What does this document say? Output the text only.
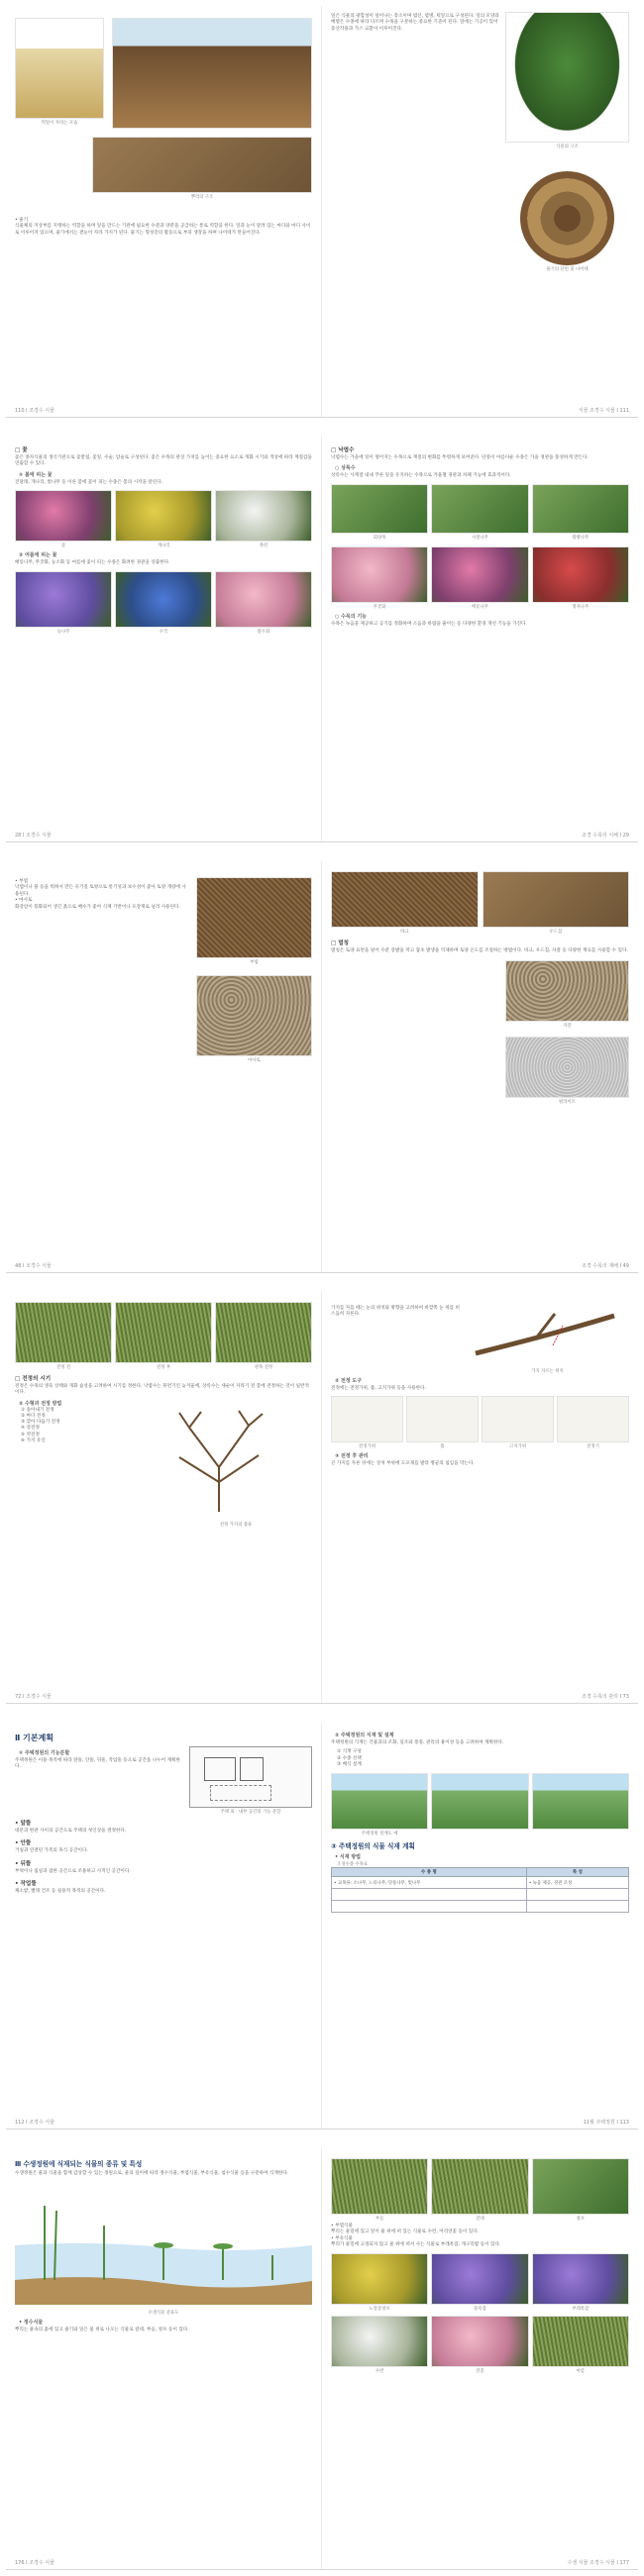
떡잎이 자라는 모습
뿌리의 구조
• 줄기
식물체의 지상부를 지탱하는 역할을 하며 잎을 만드는 기관에 필요한 수분과 양분을 공급하는 통로 역할을 한다. 잎과 눈이 달려 있는 마디와 마디 사이로 이루어져 있으며, 줄기에서는 곁눈이 자라 가지가 된다. 줄기는 형성층의 활동으로 부피 생장을 하며 나이테가 만들어진다.
110 Ⅰ 조경수 식물
잎은 식물의 광합성이 일어나는 장소이며 엽신, 엽병, 턱잎으로 구성된다. 잎의 모양과 배열은 수종에 따라 다르며 수목을 구분하는 중요한 기준이 된다. 잎에는 기공이 있어 증산작용과 가스 교환이 이루어진다.
식물의 구조
줄기의 단면 및 나이테
식물 조경수 식물 Ⅰ 111
□ 꽃
꽃은 종자식물의 생식기관으로 꽃받침, 꽃잎, 수술, 암술로 구성된다. 꽃은 수목의 관상 가치를 높이는 중요한 요소로 개화 시기와 색상에 따라 계절감을 연출할 수 있다.
① 봄에 피는 꽃
진달래, 개나리, 벚나무 등 이른 봄에 꽃이 피는 수종은 봄의 시작을 알린다.
꽃	개나리	목련
② 여름에 피는 꽃
배롱나무, 무궁화, 능소화 등 여름에 꽃이 피는 수종은 화려한 경관을 연출한다.
등나무	수국	불두화
28 Ⅰ 조경수 식물
□ 낙엽수
낙엽수는 가을에 잎이 떨어지는 수목으로 계절의 변화를 뚜렷하게 보여준다. 단풍이 아름다운 수종은 가을 경관을 풍성하게 만든다.
○ 상록수
상록수는 사계절 내내 푸른 잎을 유지하는 수목으로 겨울철 경관과 차폐 기능에 효과적이다.
회양목	사철나무	꽝꽝나무
무궁화	배롱나무	명자나무
○ 수목의 기능
수목은 녹음을 제공하고 공기를 정화하며 소음과 바람을 줄이는 등 다양한 환경 개선 기능을 가진다.
조경 수목의 이해 Ⅰ 29
• 부엽
낙엽이나 풀 등을 썩혀서 만든 유기질 토양으로 통기성과 보수성이 좋아 토양 개량에 사용된다.
• 마사토
화강암이 풍화되어 생긴 흙으로 배수가 좋아 식재 기반이나 포장재로 널리 사용된다.
부엽
마사토
48 Ⅰ 조경수 식물
바크	우드칩
□ 멀칭
멀칭은 토양 표면을 덮어 수분 증발을 막고 잡초 발생을 억제하며 토양 온도를 조절하는 방법이다. 바크, 우드칩, 자갈 등 다양한 재료를 사용할 수 있다.
자갈
펄라이트
조경 수목의 재배 Ⅰ 49
전정 전	전정 후	관목 전정
□ 전정의 시기
전정은 수목의 생육 상태와 개화 습성을 고려하여 시기를 정한다. 낙엽수는 휴면기인 늦겨울에, 상록수는 새순이 자라기 전 봄에 전정하는 것이 일반적이다.
② 수형과 전정 방법
① 솎아내기 전정
② 마디 전정
③ 깎아 다듬기 전정
④ 강전정
⑤ 약전정
⑥ 가지 유인
전정 가지의 종류
72 Ⅰ 조경수 식물
가지를 자를 때는 눈의 위치와 방향을 고려하여 바깥쪽 눈 위를 비스듬히 자른다.
가지 자르는 위치
② 전정 도구
전정에는 전정가위, 톱, 고지가위 등을 사용한다.
전정가위	톱	고지가위	전정기
③ 전정 후 관리
큰 가지를 자른 뒤에는 상처 부위에 도포제를 발라 병균의 침입을 막는다.
조경 수목의 관리 Ⅰ 73
Ⅱ 기본계획
① 주택정원의 기능분할
주택정원은 이용 목적에 따라 앞뜰, 안뜰, 뒤뜰, 작업뜰 등으로 공간을 나누어 계획한다.
주택 외 · 내부 공간의 기능 분할
• 앞뜰
대문과 현관 사이의 공간으로 주택의 첫인상을 결정한다.
• 안뜰
거실과 연결된 가족의 휴식 공간이다.
• 뒤뜰
부엌이나 침실과 접한 공간으로 조용하고 사적인 공간이다.
• 작업뜰
채소밭, 빨래 건조 등 실용적 목적의 공간이다.
112 Ⅰ 조경수 식물
② 주택정원의 식재 및 설계
주택정원의 식재는 건물과의 조화, 일조와 통풍, 관리의 용이성 등을 고려하여 계획한다.
① 식재 구성
② 수종 선택
③ 배식 설계
주택정원 설계도 예
③ 주택정원의 식물 식재 계획
• 식재 방법
조경수종 수목표
수 종 명	특 성
• 교목류: 소나무, 느티나무, 단풍나무, 벚나무	• 녹음 제공, 경관 조성

11월 주택정원 Ⅰ 113
Ⅲ 수생정원에 식재되는 식물의 종류 및 특성
수생정원은 물과 식물을 함께 감상할 수 있는 정원으로, 물의 깊이에 따라 정수식물, 부엽식물, 부유식물, 침수식물 등을 구분하여 식재한다.
수생식물 분류도
• 정수식물
뿌리는 물속의 흙에 있고 줄기와 잎은 물 위로 나오는 식물로 갈대, 부들, 창포 등이 있다.
176 Ⅰ 조경수 식물
부들	갈대	창포
• 부엽식물
뿌리는 물밑에 있고 잎이 물 위에 떠 있는 식물로 수련, 어리연꽃 등이 있다.
• 부유식물
뿌리가 물밑에 고정되지 않고 물 위에 떠서 사는 식물로 부레옥잠, 개구리밥 등이 있다.
노랑꽃창포	물옥잠	부레옥잠
수련	연꽃	마름
수생 식물 조경수 식물 Ⅰ 177
